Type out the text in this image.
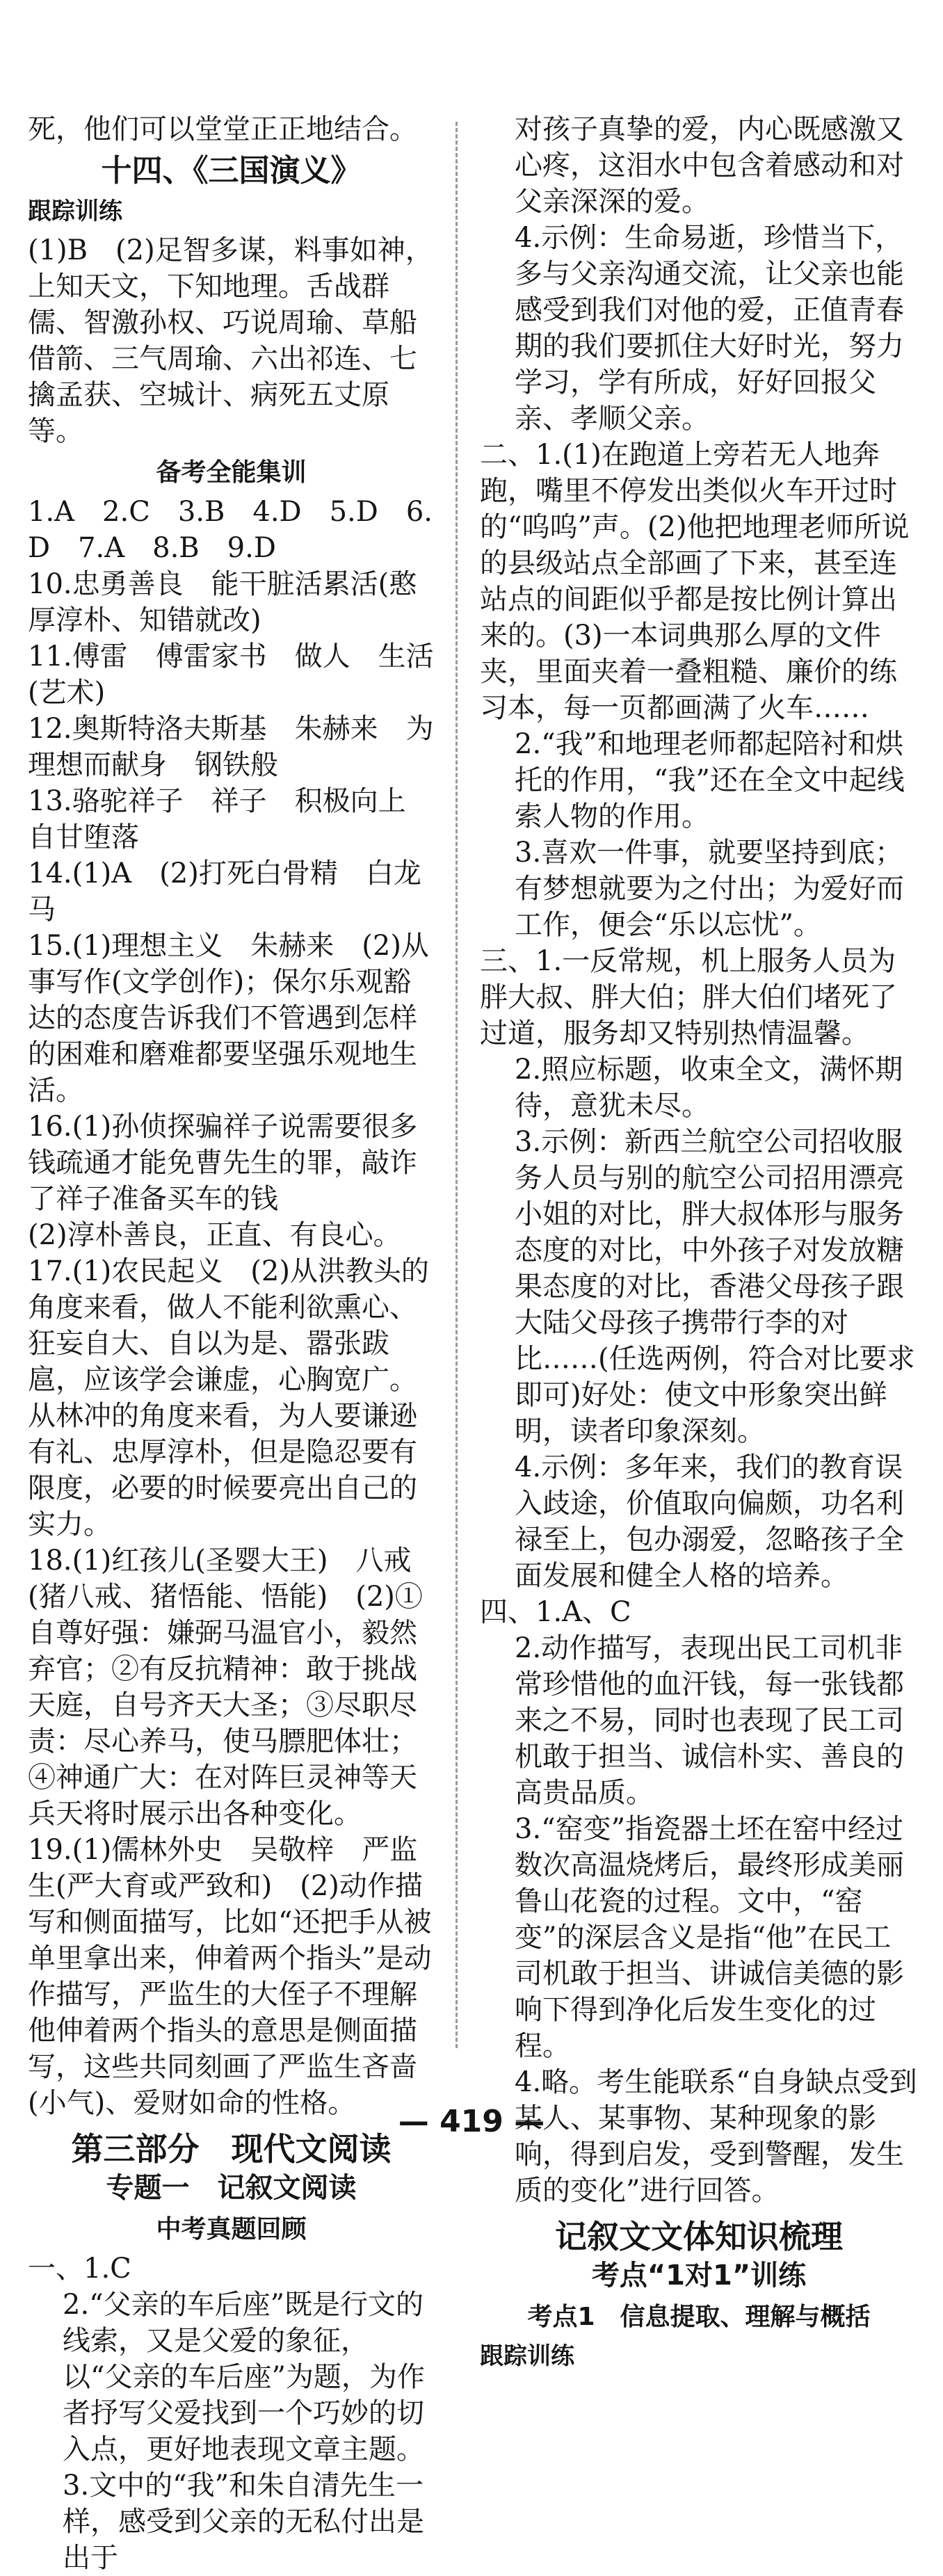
死，他们可以堂堂正正地结合。
十四、《三国演义》
跟踪训练
(1)B　(2)足智多谋，料事如神，上知天文，下知地理。舌战群儒、智激孙权、巧说周瑜、草船借箭、三气周瑜、六出祁连、七擒孟获、空城计、病死五丈原等。
备考全能集训
1.A　2.C　3.B　4.D　5.D　6.D　7.A　8.B　9.D
10.忠勇善良　能干脏活累活(憨厚淳朴、知错就改)
11.傅雷　傅雷家书　做人　生活(艺术)
12.奥斯特洛夫斯基　朱赫来　为理想而献身　钢铁般
13.骆驼祥子　祥子　积极向上　自甘堕落
14.(1)A　(2)打死白骨精　白龙马
15.(1)理想主义　朱赫来　(2)从事写作(文学创作)；保尔乐观豁达的态度告诉我们不管遇到怎样的困难和磨难都要坚强乐观地生活。
16.(1)孙侦探骗祥子说需要很多钱疏通才能免曹先生的罪，敲诈了祥子准备买车的钱
(2)淳朴善良，正直、有良心。
17.(1)农民起义　(2)从洪教头的角度来看，做人不能利欲熏心、狂妄自大、自以为是、嚣张跋扈，应该学会谦虚，心胸宽广。从林冲的角度来看，为人要谦逊有礼、忠厚淳朴，但是隐忍要有限度，必要的时候要亮出自己的实力。
18.(1)红孩儿(圣婴大王)　八戒(猪八戒、猪悟能、悟能)　(2)①自尊好强：嫌弼马温官小，毅然弃官；②有反抗精神：敢于挑战天庭，自号齐天大圣；③尽职尽责：尽心养马，使马膘肥体壮；④神通广大：在对阵巨灵神等天兵天将时展示出各种变化。
19.(1)儒林外史　吴敬梓　严监生(严大育或严致和)　(2)动作描写和侧面描写，比如“还把手从被单里拿出来，伸着两个指头”是动作描写，严监生的大侄子不理解他伸着两个指头的意思是侧面描写，这些共同刻画了严监生吝啬(小气)、爱财如命的性格。
第三部分　现代文阅读
专题一　记叙文阅读
中考真题回顾
一、1.C
2.“父亲的车后座”既是行文的线索，又是父爱的象征，以“父亲的车后座”为题，为作者抒写父爱找到一个巧妙的切入点，更好地表现文章主题。
3.文中的“我”和朱自清先生一样，感受到父亲的无私付出是出于
对孩子真挚的爱，内心既感激又心疼，这泪水中包含着感动和对父亲深深的爱。
4.示例：生命易逝，珍惜当下，多与父亲沟通交流，让父亲也能感受到我们对他的爱，正值青春期的我们要抓住大好时光，努力学习，学有所成，好好回报父亲、孝顺父亲。
二、1.(1)在跑道上旁若无人地奔跑，嘴里不停发出类似火车开过时的“呜呜”声。(2)他把地理老师所说的县级站点全部画了下来，甚至连站点的间距似乎都是按比例计算出来的。(3)一本词典那么厚的文件夹，里面夹着一叠粗糙、廉价的练习本，每一页都画满了火车……
2.“我”和地理老师都起陪衬和烘托的作用，“我”还在全文中起线索人物的作用。
3.喜欢一件事，就要坚持到底；有梦想就要为之付出；为爱好而工作，便会“乐以忘忧”。
三、1.一反常规，机上服务人员为胖大叔、胖大伯；胖大伯们堵死了过道，服务却又特别热情温馨。
2.照应标题，收束全文，满怀期待，意犹未尽。
3.示例：新西兰航空公司招收服务人员与别的航空公司招用漂亮小姐的对比，胖大叔体形与服务态度的对比，中外孩子对发放糖果态度的对比，香港父母孩子跟大陆父母孩子携带行李的对比……(任选两例，符合对比要求即可)好处：使文中形象突出鲜明，读者印象深刻。
4.示例：多年来，我们的教育误入歧途，价值取向偏颇，功名利禄至上，包办溺爱，忽略孩子全面发展和健全人格的培养。
四、1.A、C
2.动作描写，表现出民工司机非常珍惜他的血汗钱，每一张钱都来之不易，同时也表现了民工司机敢于担当、诚信朴实、善良的高贵品质。
3.“窑变”指瓷器土坯在窑中经过数次高温烧烤后，最终形成美丽鲁山花瓷的过程。文中，“窑变”的深层含义是指“他”在民工司机敢于担当、讲诚信美德的影响下得到净化后发生变化的过程。
4.略。考生能联系“自身缺点受到某人、某事物、某种现象的影响，得到启发，受到警醒，发生质的变化”进行回答。
记叙文文体知识梳理
考点“1对1”训练
考点1　信息提取、理解与概括
跟踪训练
— 419 —
